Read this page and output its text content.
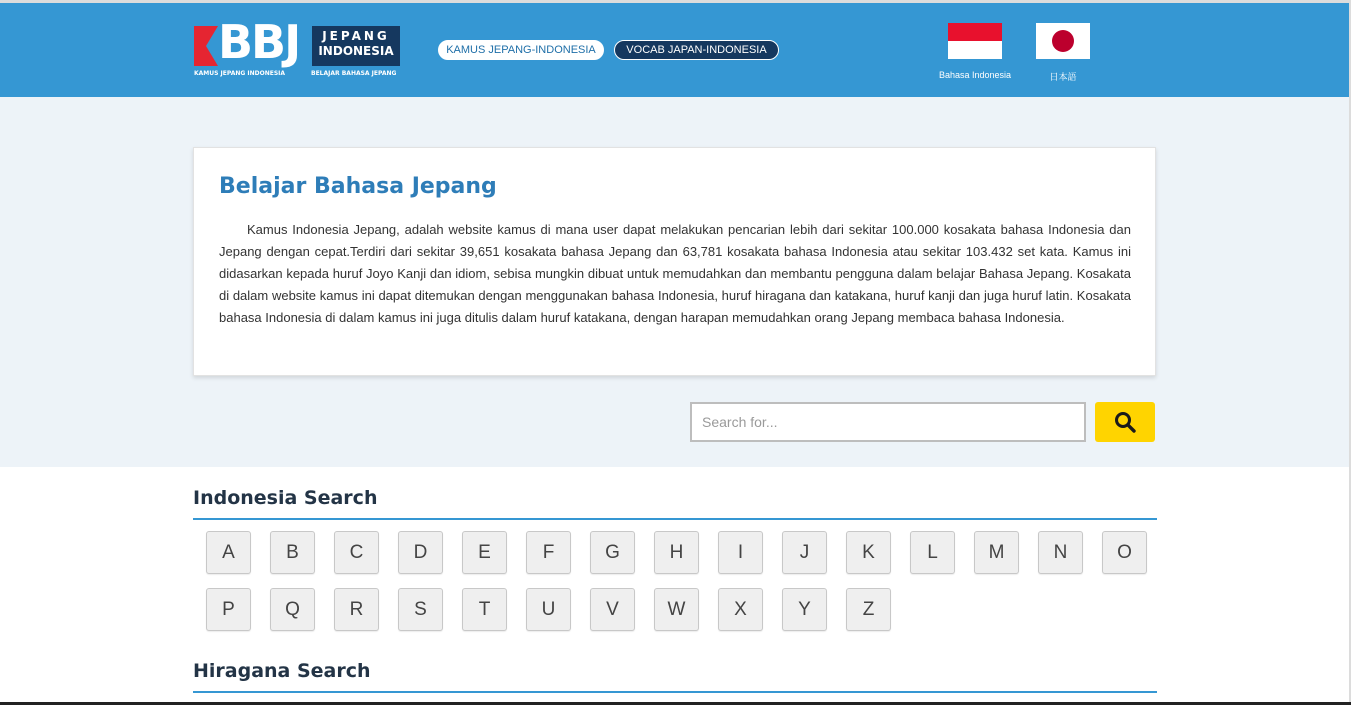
BBJ	JEPANG
INDONESIA
KAMUS JEPANG INDONESIA	BELAJAR BAHASA JEPANG
KAMUS JEPANG-INDONESIA	VOCAB JAPAN-INDONESIA
Bahasa Indonesia	日本語
Belajar Bahasa Jepang

Kamus Indonesia Jepang, adalah website kamus di mana user dapat melakukan pencarian lebih dari sekitar 100.000 kosakata bahasa Indonesia dan Jepang dengan cepat.Terdiri dari sekitar 39,651 kosakata bahasa Jepang dan 63,781 kosakata bahasa Indonesia atau sekitar 103.432 set kata. Kamus ini didasarkan kepada huruf Joyo Kanji dan idiom, sebisa mungkin dibuat untuk memudahkan dan membantu pengguna dalam belajar Bahasa Jepang. Kosakata di dalam website kamus ini dapat ditemukan dengan menggunakan bahasa Indonesia, huruf hiragana dan katakana, huruf kanji dan juga huruf latin. Kosakata bahasa Indonesia di dalam kamus ini juga ditulis dalam huruf katakana, dengan harapan memudahkan orang Jepang membaca bahasa Indonesia.

Search for...
Indonesia Search
A	B	C	D	E	F	G	H	I	J	K	L	M	N	O
P	Q	R	S	T	U	V	W	X	Y	Z
Hiragana Search
